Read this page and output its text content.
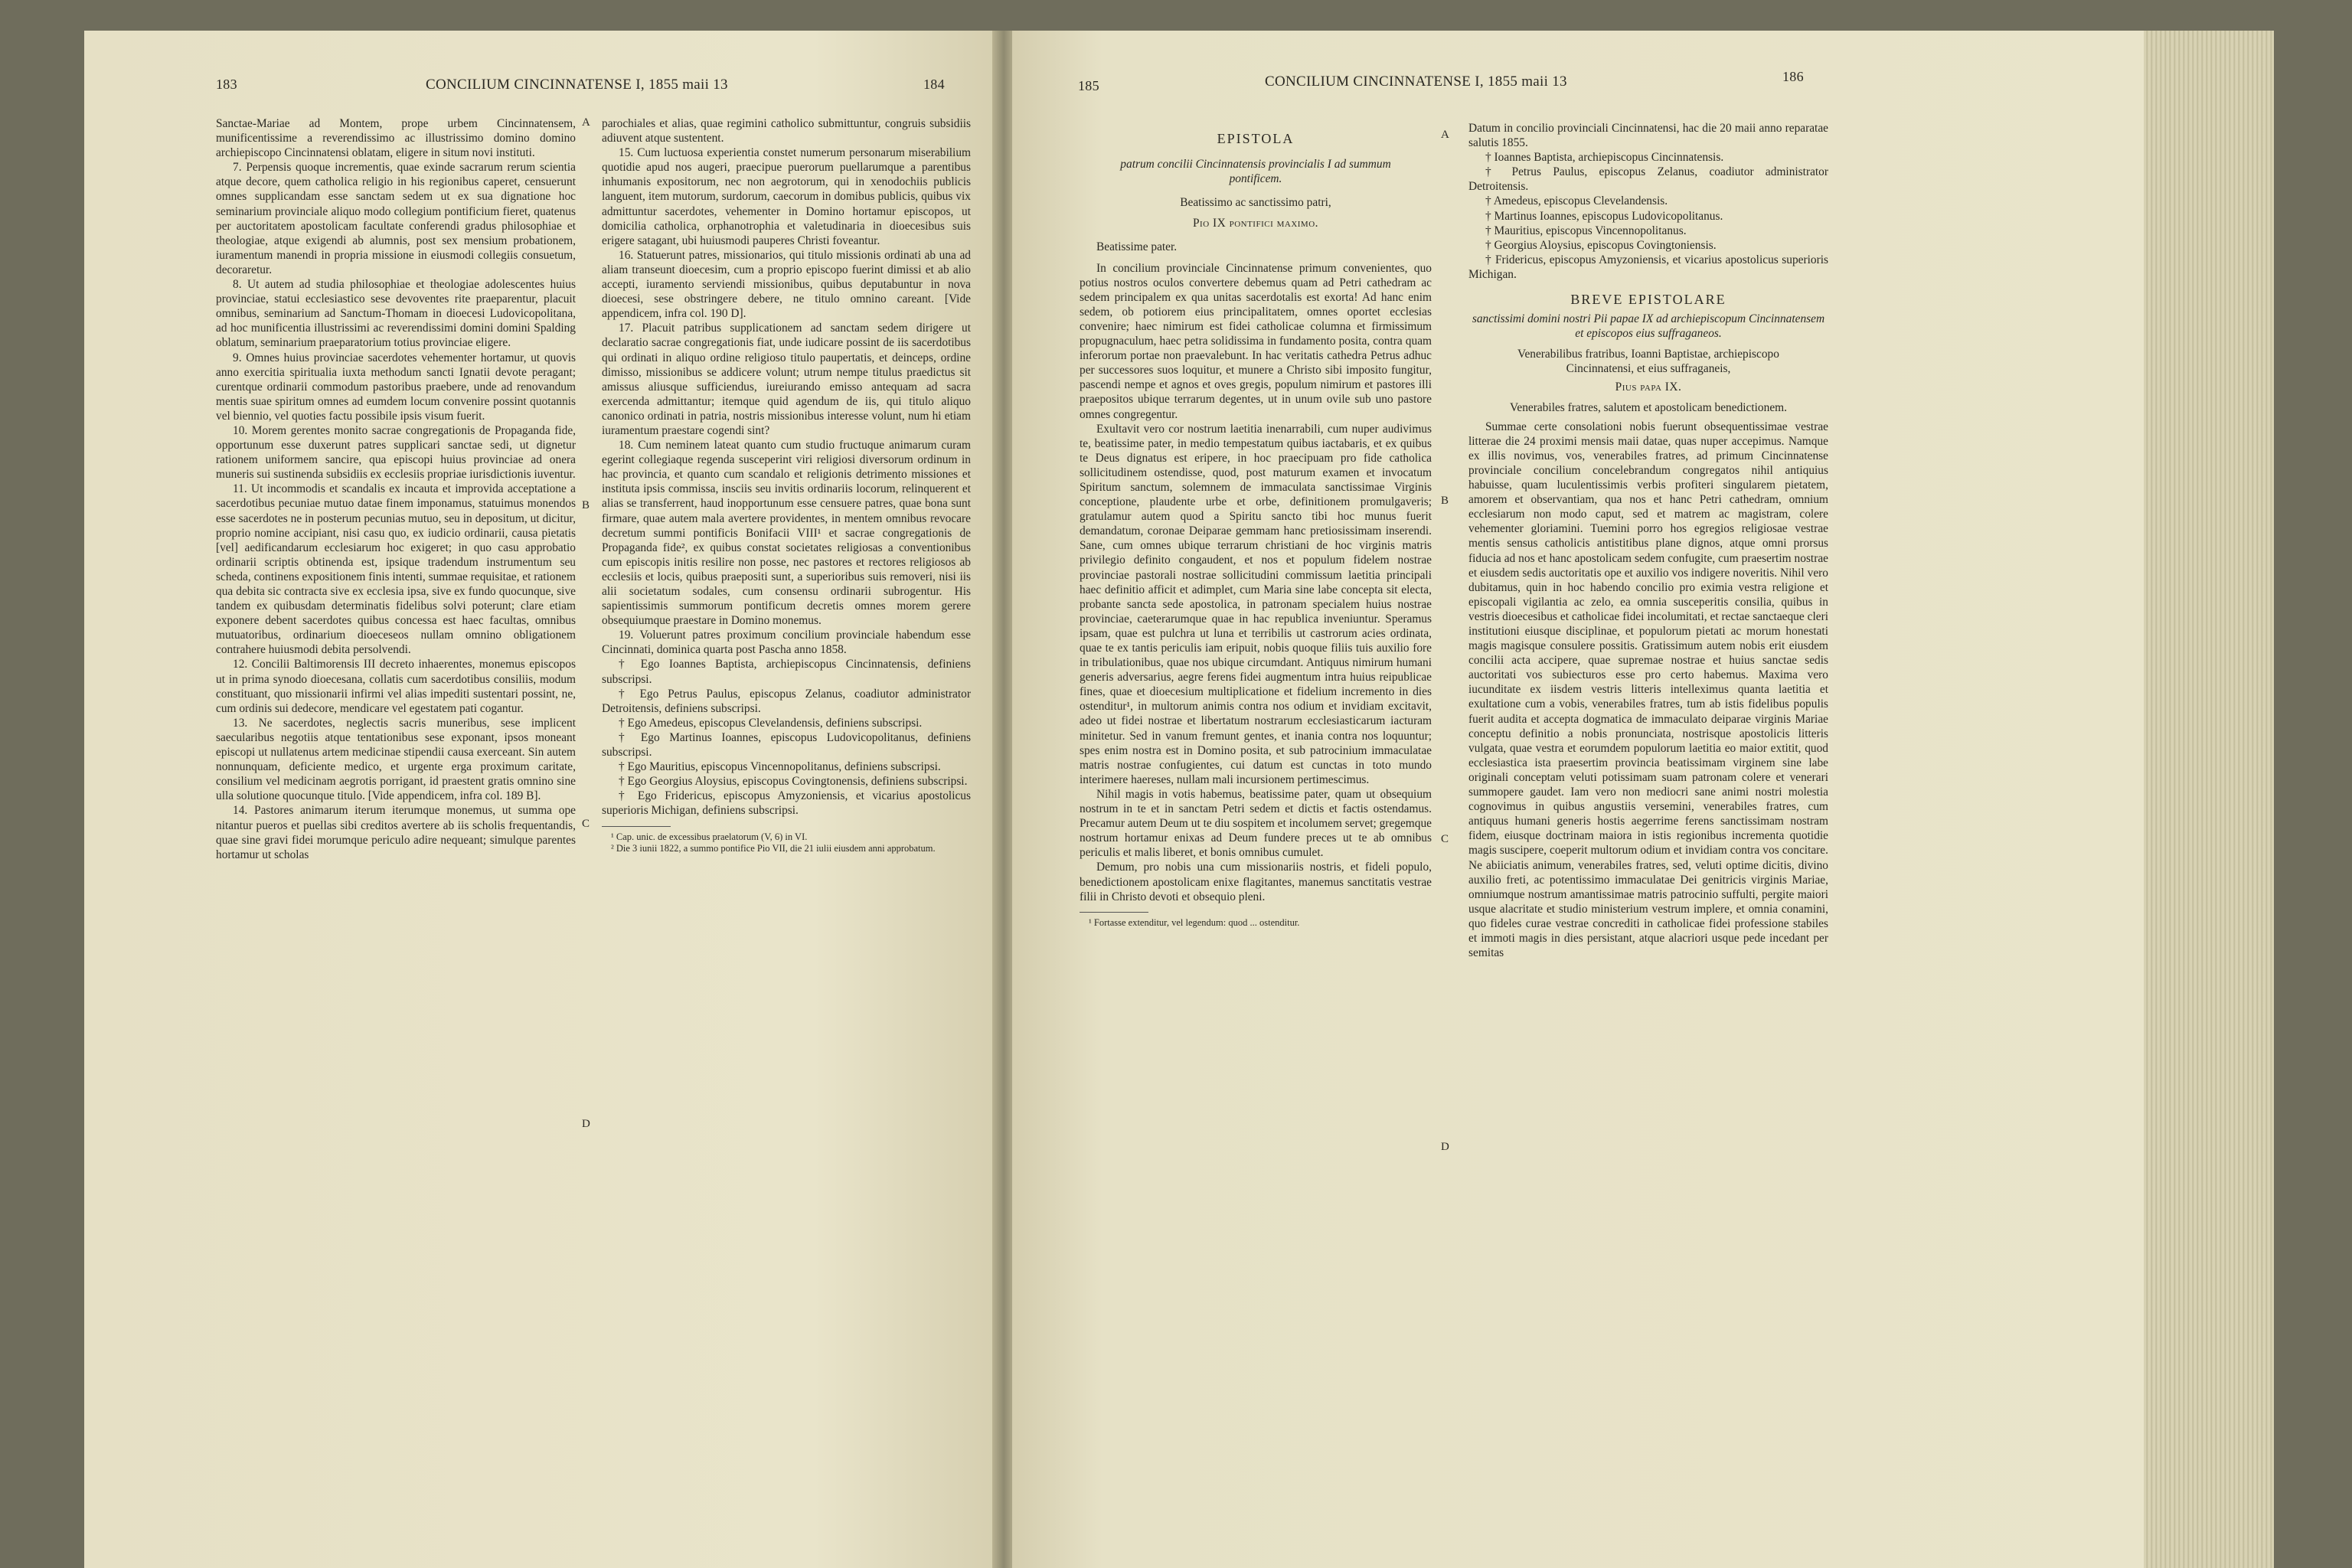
183	CONCILIUM CINCINNATENSE I, 1855 maii 13	184

Sanctae-Mariae ad Montem, prope urbem Cincinnatensem, munificentissime a reverendissimo ac illustrissimo domino domino archiepiscopo Cincinnatensi oblatam, eligere in situm novi instituti.

7. Perpensis quoque incrementis, quae exinde sacrarum rerum scientia atque decore, quem catholica religio in his regionibus caperet, censuerunt omnes supplicandam esse sanctam sedem ut ex sua dignatione hoc seminarium provinciale aliquo modo collegium pontificium fieret, quatenus per auctoritatem apostolicam facultate conferendi gradus philosophiae et theologiae, atque exigendi ab alumnis, post sex mensium probationem, iuramentum manendi in propria missione in eiusmodi collegiis consuetum, decoraretur.

8. Ut autem ad studia philosophiae et theologiae adolescentes huius provinciae, statui ecclesiastico sese devoventes rite praeparentur, placuit omnibus, seminarium ad Sanctum-Thomam in dioecesi Ludovicopolitana, ad hoc munificentia illustrissimi ac reverendissimi domini domini Spalding oblatum, seminarium praeparatorium totius provinciae eligere.

9. Omnes huius provinciae sacerdotes vehementer hortamur, ut quovis anno exercitia spiritualia iuxta methodum sancti Ignatii devote peragant; curentque ordinarii commodum pastoribus praebere, unde ad renovandum mentis suae spiritum omnes ad eumdem locum convenire possint quotannis vel biennio, vel quoties factu possibile ipsis visum fuerit.

10. Morem gerentes monito sacrae congregationis de Propaganda fide, opportunum esse duxerunt patres supplicari sanctae sedi, ut dignetur rationem uniformem sancire, qua episcopi huius provinciae ad onera muneris sui sustinenda subsidiis ex ecclesiis propriae iurisdictionis iuventur.

11. Ut incommodis et scandalis ex incauta et improvida acceptatione a sacerdotibus pecuniae mutuo datae finem imponamus, statuimus monendos esse sacerdotes ne in posterum pecunias mutuo, seu in depositum, ut dicitur, proprio nomine accipiant, nisi casu quo, ex iudicio ordinarii, causa pietatis [vel] aedificandarum ecclesiarum hoc exigeret; in quo casu approbatio ordinarii scriptis obtinenda est, ipsique tradendum instrumentum seu scheda, continens expositionem finis intenti, summae requisitae, et rationem qua debita sic contracta sive ex ecclesia ipsa, sive ex fundo quocunque, sive tandem ex quibusdam determinatis fidelibus solvi poterunt; clare etiam exponere debent sacerdotes quibus concessa est haec facultas, omnibus mutuatoribus, ordinarium dioeceseos nullam omnino obligationem contrahere huiusmodi debita persolvendi.

12. Concilii Baltimorensis III decreto inhaerentes, monemus episcopos ut in prima synodo dioecesana, collatis cum sacerdotibus consiliis, modum constituant, quo missionarii infirmi vel alias impediti sustentari possint, ne, cum ordinis sui dedecore, mendicare vel egestatem pati cogantur.

13. Ne sacerdotes, neglectis sacris muneribus, sese implicent saecularibus negotiis atque tentationibus sese exponant, ipsos moneant episcopi ut nullatenus artem medicinae stipendii causa exerceant. Sin autem nonnunquam, deficiente medico, et urgente erga proximum caritate, consilium vel medicinam aegrotis porrigant, id praestent gratis omnino sine ulla solutione quocunque titulo. [Vide appendicem, infra col. 189 B].

14. Pastores animarum iterum iterumque monemus, ut summa ope nitantur pueros et puellas sibi creditos avertere ab iis scholis frequentandis, quae sine gravi fidei morumque periculo adire nequeant; simulque parentes hortamur ut scholas

parochiales et alias, quae regimini catholico submittuntur, congruis subsidiis adiuvent atque sustentent.

15. Cum luctuosa experientia constet numerum personarum miserabilium quotidie apud nos augeri, praecipue puerorum puellarumque a parentibus inhumanis expositorum, nec non aegrotorum, qui in xenodochiis publicis languent, item mutorum, surdorum, caecorum in domibus publicis, quibus vix admittuntur sacerdotes, vehementer in Domino hortamur episcopos, ut domicilia catholica, orphanotrophia et valetudinaria in dioecesibus suis erigere satagant, ubi huiusmodi pauperes Christi foveantur.

16. Statuerunt patres, missionarios, qui titulo missionis ordinati ab una ad aliam transeunt dioecesim, cum a proprio episcopo fuerint dimissi et ab alio accepti, iuramento serviendi missionibus, quibus deputabuntur in nova dioecesi, sese obstringere debere, ne titulo omnino careant. [Vide appendicem, infra col. 190 D].

17. Placuit patribus supplicationem ad sanctam sedem dirigere ut declaratio sacrae congregationis fiat, unde iudicare possint de iis sacerdotibus qui ordinati in aliquo ordine religioso titulo paupertatis, et deinceps, ordine dimisso, missionibus se addicere volunt; utrum nempe titulus praedictus sit amissus aliusque sufficiendus, iureiurando emisso antequam ad sacra exercenda admittantur; itemque quid agendum de iis, qui titulo aliquo canonico ordinati in patria, nostris missionibus interesse volunt, num hi etiam iuramentum praestare cogendi sint?

18. Cum neminem lateat quanto cum studio fructuque animarum curam egerint collegiaque regenda susceperint viri religiosi diversorum ordinum in hac provincia, et quanto cum scandalo et religionis detrimento missiones et instituta ipsis commissa, insciis seu invitis ordinariis locorum, relinquerent et alias se transferrent, haud inopportunum esse censuere patres, quae bona sunt firmare, quae autem mala avertere providentes, in mentem omnibus revocare decretum summi pontificis Bonifacii VIII¹ et sacrae congregationis de Propaganda fide², ex quibus constat societates religiosas a conventionibus cum episcopis initis resilire non posse, nec pastores et rectores religiosos ab ecclesiis et locis, quibus praepositi sunt, a superioribus suis removeri, nisi iis alii societatum sodales, cum consensu ordinarii subrogentur. His sapientissimis summorum pontificum decretis omnes morem gerere obsequiumque praestare in Domino monemus.

19. Voluerunt patres proximum concilium provinciale habendum esse Cincinnati, dominica quarta post Pascha anno 1858.

† Ego Ioannes Baptista, archiepiscopus Cincinnatensis, definiens subscripsi.

† Ego Petrus Paulus, episcopus Zelanus, coadiutor administrator Detroitensis, definiens subscripsi.

† Ego Amedeus, episcopus Clevelandensis, definiens subscripsi.

† Ego Martinus Ioannes, episcopus Ludovicopolitanus, definiens subscripsi.

† Ego Mauritius, episcopus Vincennopolitanus, definiens subscripsi.

† Ego Georgius Aloysius, episcopus Covingtonensis, definiens subscripsi.

† Ego Fridericus, episcopus Amyzoniensis, et vicarius apostolicus superioris Michigan, definiens subscripsi.

¹ Cap. unic. de excessibus praelatorum (V, 6) in VI.

² Die 3 iunii 1822, a summo pontifice Pio VII, die 21 iulii eiusdem anni approbatum.

A
B
C
D
185	CONCILIUM CINCINNATENSE I, 1855 maii 13	186
EPISTOLA

patrum concilii Cincinnatensis provincialis I ad summum pontificem.

Beatissimo ac sanctissimo patri,

Pio IX pontifici maximo.

Beatissime pater.

In concilium provinciale Cincinnatense primum convenientes, quo potius nostros oculos convertere debemus quam ad Petri cathedram ac sedem principalem ex qua unitas sacerdotalis est exorta! Ad hanc enim sedem, ob potiorem eius principalitatem, omnes oportet ecclesias convenire; haec nimirum est fidei catholicae columna et firmissimum propugnaculum, haec petra solidissima in fundamento posita, contra quam inferorum portae non praevalebunt. In hac veritatis cathedra Petrus adhuc per successores suos loquitur, et munere a Christo sibi imposito fungitur, pascendi nempe et agnos et oves gregis, populum nimirum et pastores illi praepositos ubique terrarum degentes, ut in unum ovile sub uno pastore omnes congregentur.

Exultavit vero cor nostrum laetitia inenarrabili, cum nuper audivimus te, beatissime pater, in medio tempestatum quibus iactabaris, et ex quibus te Deus dignatus est eripere, in hoc praecipuam pro fide catholica sollicitudinem ostendisse, quod, post maturum examen et invocatum Spiritum sanctum, solemnem de immaculata sanctissimae Virginis conceptione, plaudente urbe et orbe, definitionem promulgaveris; gratulamur autem quod a Spiritu sancto tibi hoc munus fuerit demandatum, coronae Deiparae gemmam hanc pretiosissimam inserendi. Sane, cum omnes ubique terrarum christiani de hoc virginis matris privilegio definito congaudent, et nos et populum fidelem nostrae provinciae pastorali nostrae sollicitudini commissum laetitia principali haec definitio afficit et adimplet, cum Maria sine labe concepta sit electa, probante sancta sede apostolica, in patronam specialem huius nostrae provinciae, caeterarumque quae in hac republica inveniuntur. Speramus ipsam, quae est pulchra ut luna et terribilis ut castrorum acies ordinata, quae te ex tantis periculis iam eripuit, nobis quoque filiis tuis auxilio fore in tribulationibus, quae nos ubique circumdant. Antiquus nimirum humani generis adversarius, aegre ferens fidei augmentum intra huius reipublicae fines, quae et dioecesium multiplicatione et fidelium incremento in dies ostenditur¹, in multorum animis contra nos odium et invidiam excitavit, adeo ut fidei nostrae et libertatum nostrarum ecclesiasticarum iacturam minitetur. Sed in vanum fremunt gentes, et inania contra nos loquuntur; spes enim nostra est in Domino posita, et sub patrocinium immaculatae matris nostrae confugientes, cui datum est cunctas in toto mundo interimere haereses, nullam mali incursionem pertimescimus.

Nihil magis in votis habemus, beatissime pater, quam ut obsequium nostrum in te et in sanctam Petri sedem et dictis et factis ostendamus. Precamur autem Deum ut te diu sospitem et incolumem servet; gregemque nostrum hortamur enixas ad Deum fundere preces ut te ab omnibus periculis et malis liberet, et bonis omnibus cumulet.

Demum, pro nobis una cum missionariis nostris, et fideli populo, benedictionem apostolicam enixe flagitantes, manemus sanctitatis vestrae filii in Christo devoti et obsequio pleni.

¹ Fortasse extenditur, vel legendum: quod ... ostenditur.

Datum in concilio provinciali Cincinnatensi, hac die 20 maii anno reparatae salutis 1855.

† Ioannes Baptista, archiepiscopus Cincinnatensis.

† Petrus Paulus, episcopus Zelanus, coadiutor administrator Detroitensis.

† Amedeus, episcopus Clevelandensis.

† Martinus Ioannes, episcopus Ludovicopolitanus.

† Mauritius, episcopus Vincennopolitanus.

† Georgius Aloysius, episcopus Covingtoniensis.

† Fridericus, episcopus Amyzoniensis, et vicarius apostolicus superioris Michigan.

BREVE EPISTOLARE

sanctissimi domini nostri Pii papae IX ad archiepiscopum Cincinnatensem et episcopos eius suffraganeos.

Venerabilibus fratribus, Ioanni Baptistae, archiepiscopo Cincinnatensi, et eius suffraganeis,

Pius papa IX.

Venerabiles fratres, salutem et apostolicam benedictionem.

Summae certe consolationi nobis fuerunt obsequentissimae vestrae litterae die 24 proximi mensis maii datae, quas nuper accepimus. Namque ex illis novimus, vos, venerabiles fratres, ad primum Cincinnatense provinciale concilium concelebrandum congregatos nihil antiquius habuisse, quam luculentissimis verbis profiteri singularem pietatem, amorem et observantiam, qua nos et hanc Petri cathedram, omnium ecclesiarum non modo caput, sed et matrem ac magistram, colere vehementer gloriamini. Tuemini porro hos egregios religiosae vestrae mentis sensus catholicis antistitibus plane dignos, atque omni prorsus fiducia ad nos et hanc apostolicam sedem confugite, cum praesertim nostrae et eiusdem sedis auctoritatis ope et auxilio vos indigere noveritis. Nihil vero dubitamus, quin in hoc habendo concilio pro eximia vestra religione et episcopali vigilantia ac zelo, ea omnia susceperitis consilia, quibus in vestris dioecesibus et catholicae fidei incolumitati, et rectae sanctaeque cleri institutioni eiusque disciplinae, et populorum pietati ac morum honestati magis magisque consulere possitis. Gratissimum autem nobis erit eiusdem concilii acta accipere, quae supremae nostrae et huius sanctae sedis auctoritati vos subiecturos esse pro certo habemus. Maxima vero iucunditate ex iisdem vestris litteris intelleximus quanta laetitia et exultatione cum a vobis, venerabiles fratres, tum ab istis fidelibus populis fuerit audita et accepta dogmatica de immaculato deiparae virginis Mariae conceptu definitio a nobis pronunciata, nostrisque apostolicis litteris vulgata, quae vestra et eorumdem populorum laetitia eo maior extitit, quod ecclesiastica ista praesertim provincia beatissimam virginem sine labe originali conceptam veluti potissimam suam patronam colere et venerari summopere gaudet. Iam vero non mediocri sane animi nostri molestia cognovimus in quibus angustiis versemini, venerabiles fratres, cum antiquus humani generis hostis aegerrime ferens sanctissimam nostram fidem, eiusque doctrinam maiora in istis regionibus incrementa quotidie magis suscipere, coeperit multorum odium et invidiam contra vos concitare. Ne abiiciatis animum, venerabiles fratres, sed, veluti optime dicitis, divino auxilio freti, ac potentissimo immaculatae Dei genitricis virginis Mariae, omniumque nostrum amantissimae matris patrocinio suffulti, pergite maiori usque alacritate et studio ministerium vestrum implere, et omnia conamini, quo fideles curae vestrae concrediti in catholicae fidei professione stabiles et immoti magis in dies persistant, atque alacriori usque pede incedant per semitas

A
B
C
D
